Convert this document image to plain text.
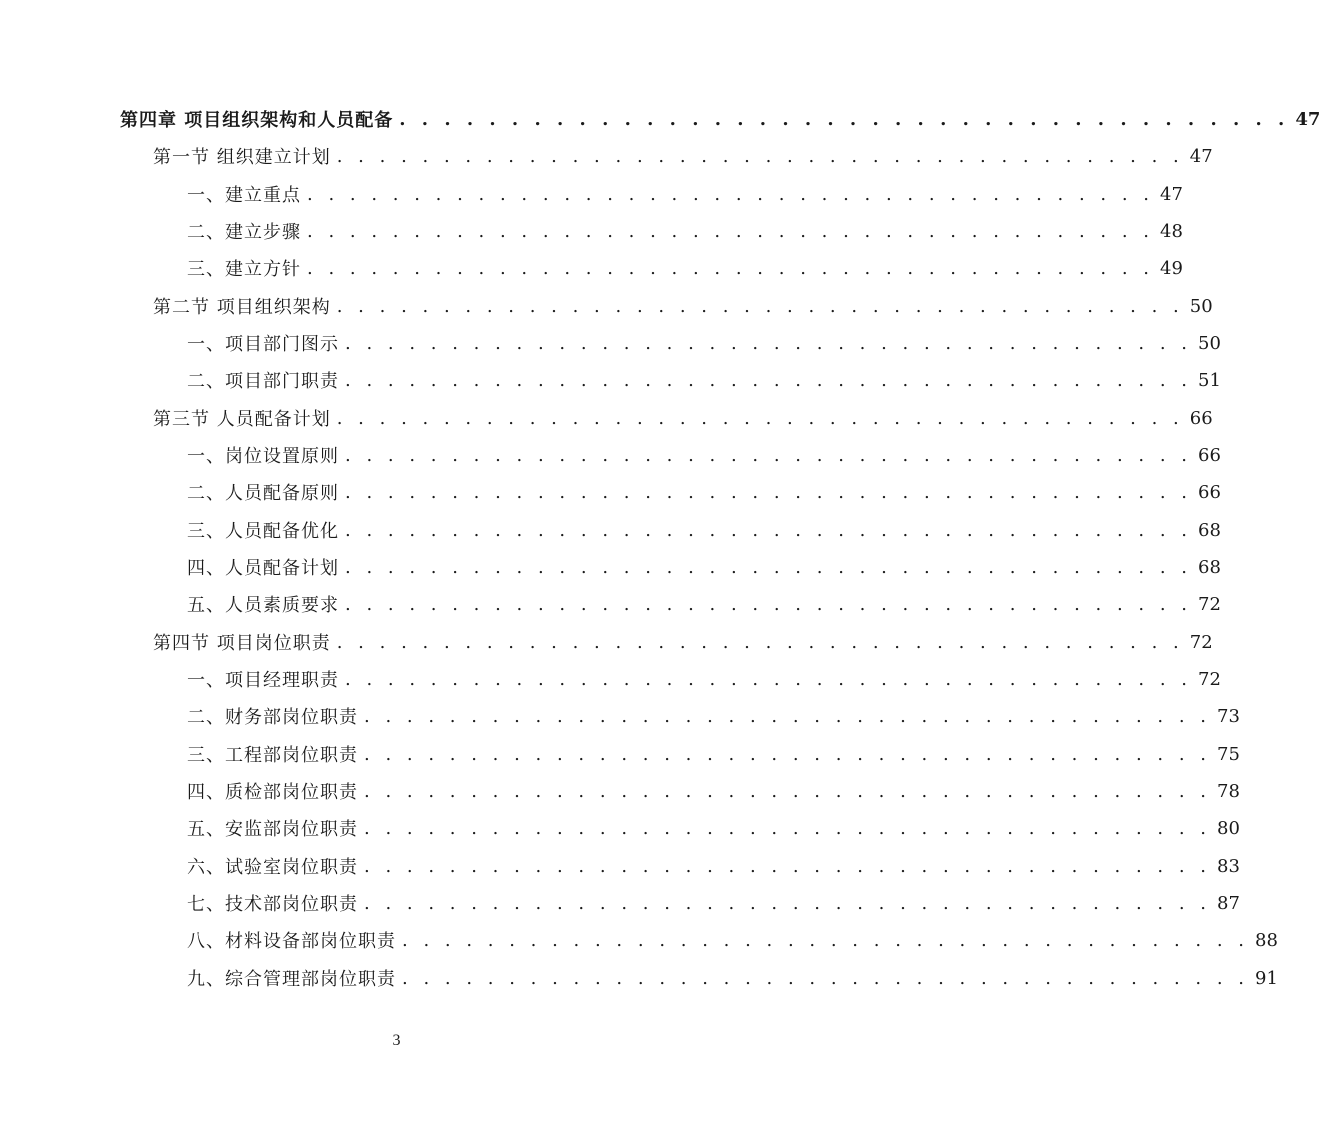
第四章 项目组织架构和人员配备 . . . . . . . . . . . . . . . . . . . . . . . . . . . . . . . . . . . . . . . . 47
第一节 组织建立计划 . . . . . . . . . . . . . . . . . . . . . . . . . . . . . . . . . . . . . . . . 47
一、建立重点 . . . . . . . . . . . . . . . . . . . . . . . . . . . . . . . . . . . . . . . . 47
二、建立步骤 . . . . . . . . . . . . . . . . . . . . . . . . . . . . . . . . . . . . . . . . 48
三、建立方针 . . . . . . . . . . . . . . . . . . . . . . . . . . . . . . . . . . . . . . . . 49
第二节 项目组织架构 . . . . . . . . . . . . . . . . . . . . . . . . . . . . . . . . . . . . . . . . 50
一、项目部门图示 . . . . . . . . . . . . . . . . . . . . . . . . . . . . . . . . . . . . . . . . 50
二、项目部门职责 . . . . . . . . . . . . . . . . . . . . . . . . . . . . . . . . . . . . . . . . 51
第三节 人员配备计划 . . . . . . . . . . . . . . . . . . . . . . . . . . . . . . . . . . . . . . . . 66
一、岗位设置原则 . . . . . . . . . . . . . . . . . . . . . . . . . . . . . . . . . . . . . . . . 66
二、人员配备原则 . . . . . . . . . . . . . . . . . . . . . . . . . . . . . . . . . . . . . . . . 66
三、人员配备优化 . . . . . . . . . . . . . . . . . . . . . . . . . . . . . . . . . . . . . . . . 68
四、人员配备计划 . . . . . . . . . . . . . . . . . . . . . . . . . . . . . . . . . . . . . . . . 68
五、人员素质要求 . . . . . . . . . . . . . . . . . . . . . . . . . . . . . . . . . . . . . . . . 72
第四节 项目岗位职责 . . . . . . . . . . . . . . . . . . . . . . . . . . . . . . . . . . . . . . . . 72
一、项目经理职责 . . . . . . . . . . . . . . . . . . . . . . . . . . . . . . . . . . . . . . . . 72
二、财务部岗位职责 . . . . . . . . . . . . . . . . . . . . . . . . . . . . . . . . . . . . . . . . 73
三、工程部岗位职责 . . . . . . . . . . . . . . . . . . . . . . . . . . . . . . . . . . . . . . . . 75
四、质检部岗位职责 . . . . . . . . . . . . . . . . . . . . . . . . . . . . . . . . . . . . . . . . 78
五、安监部岗位职责 . . . . . . . . . . . . . . . . . . . . . . . . . . . . . . . . . . . . . . . . 80
六、试验室岗位职责 . . . . . . . . . . . . . . . . . . . . . . . . . . . . . . . . . . . . . . . . 83
七、技术部岗位职责 . . . . . . . . . . . . . . . . . . . . . . . . . . . . . . . . . . . . . . . . 87
八、材料设备部岗位职责 . . . . . . . . . . . . . . . . . . . . . . . . . . . . . . . . . . . . . . . . 88
九、综合管理部岗位职责 . . . . . . . . . . . . . . . . . . . . . . . . . . . . . . . . . . . . . . . . 91
3
